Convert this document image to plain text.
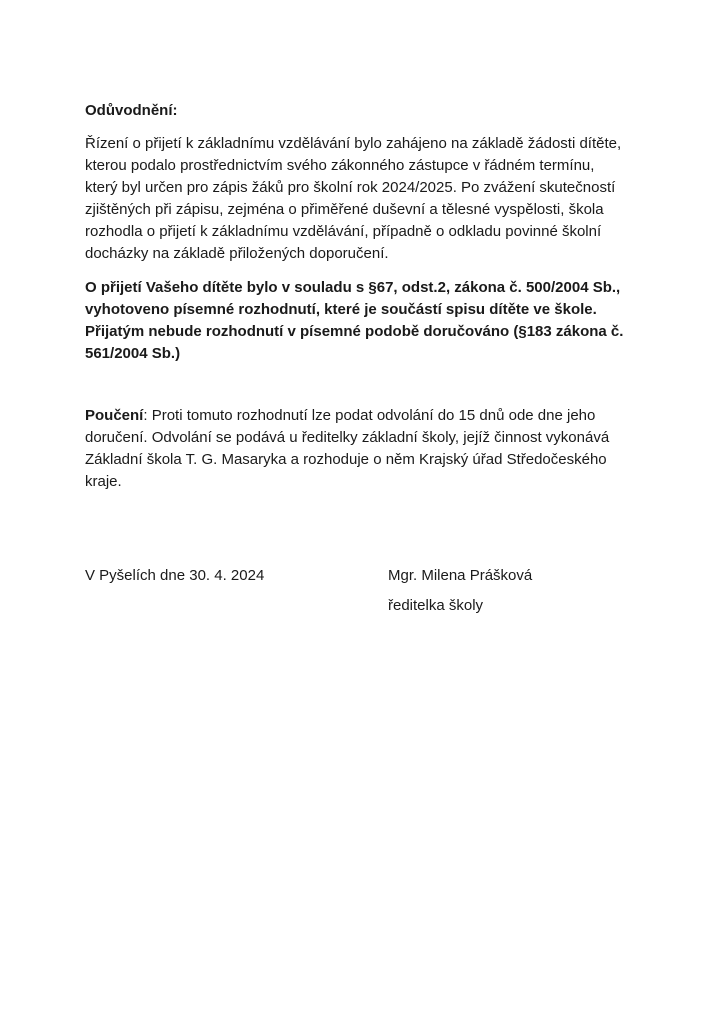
Odůvodnění:

Řízení o přijetí k základnímu vzdělávání bylo zahájeno na základě žádosti dítěte, kterou podalo prostřednictvím svého zákonného zástupce v řádném termínu, který byl určen pro zápis žáků pro školní rok 2024/2025. Po zvážení skutečností zjištěných při zápisu, zejména o přiměřené duševní a tělesné vyspělosti, škola rozhodla o přijetí k základnímu vzdělávání, případně o odkladu povinné školní docházky na základě přiložených doporučení.

O přijetí Vašeho dítěte bylo v souladu s §67, odst.2, zákona č. 500/2004 Sb., vyhotoveno písemné rozhodnutí, které je součástí spisu dítěte ve škole. Přijatým nebude rozhodnutí v písemné podobě doručováno (§183 zákona č. 561/2004 Sb.)

Poučení: Proti tomuto rozhodnutí lze podat odvolání do 15 dnů ode dne jeho doručení. Odvolání se podává u ředitelky základní školy, jejíž činnost vykonává Základní škola T. G. Masaryka a rozhoduje o něm Krajský úřad Středočeského kraje.

V Pyšelích dne 30. 4. 2024	Mgr. Milena Prášková

ředitelka školy
